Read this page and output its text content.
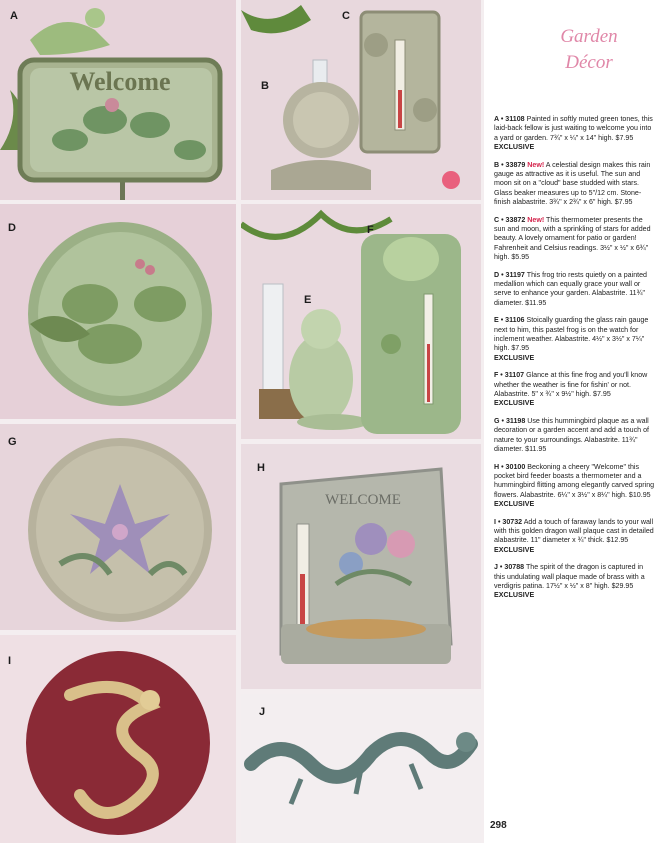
Welcome
A
B
C
D
E
F
G
WELCOME
H
I
J
Garden
Décor
A • 31108 Painted in softly muted green tones, this laid-back fellow is just waiting to welcome you into a yard or garden. 7¾" x ¼" x 14" high. $7.95
EXCLUSIVE
B • 33879 New! A celestial design makes this rain gauge as attractive as it is useful. The sun and moon sit on a "cloud" base studded with stars. Glass beaker measures up to 5"/12 cm. Stone-finish alabastrite. 3¾" x 2¾" x 6" high. $7.95
C • 33872 New! This thermometer presents the sun and moon, with a sprinkling of stars for added beauty. A lovely ornament for patio or garden! Fahrenheit and Celsius readings. 3½" x ½" x 6¾" high. $5.95
D • 31197 This frog trio rests quietly on a painted medallion which can equally grace your wall or serve to enhance your garden. Alabastrite. 11¾" diameter. $11.95
E • 31106 Stoically guarding the glass rain gauge next to him, this pastel frog is on the watch for inclement weather. Alabastrite. 4½" x 3½" x 7¼" high. $7.95
EXCLUSIVE
F • 31107 Glance at this fine frog and you'll know whether the weather is fine for fishin' or not. Alabastrite. 5" x ¾" x 9½" high. $7.95
EXCLUSIVE
G • 31198 Use this hummingbird plaque as a wall decoration or a garden accent and add a touch of nature to your surroundings. Alabastrite. 11¾" diameter. $11.95
H • 30100 Beckoning a cheery "Welcome" this pocket bird feeder boasts a thermometer and a hummingbird flitting among elegantly carved spring flowers. Alabastrite. 6¼" x 3½" x 8¼" high. $10.95
EXCLUSIVE
I • 30732 Add a touch of faraway lands to your wall with this golden dragon wall plaque cast in detailed alabastrite. 11" diameter x ¾" thick. $12.95
EXCLUSIVE
J • 30788 The spirit of the dragon is captured in this undulating wall plaque made of brass with a verdigris patina. 17½" x ½" x 8" high. $29.95
EXCLUSIVE
298
